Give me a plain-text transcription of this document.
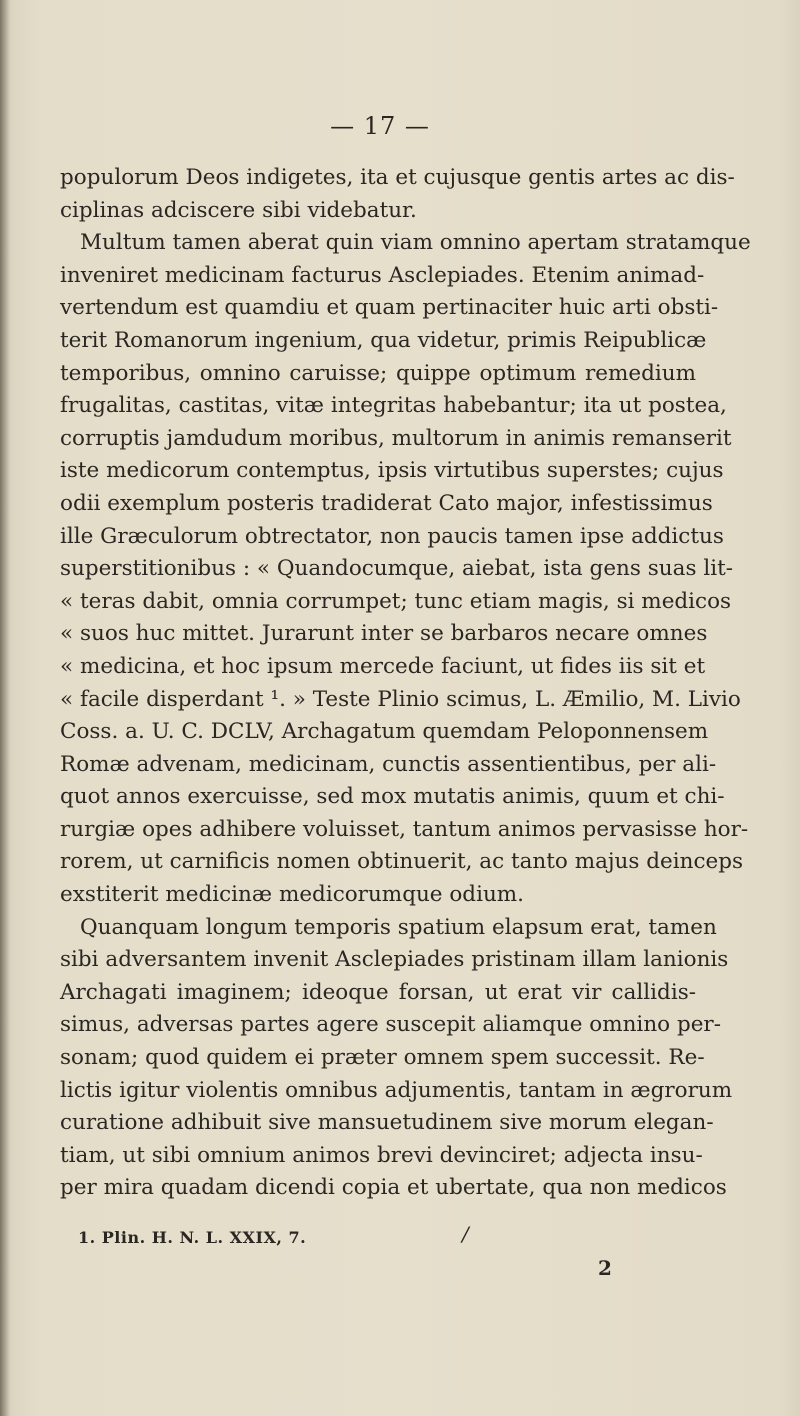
— 17 —
populorum Deos indigetes, ita et cujusque gentis artes ac dis-
ciplinas adciscere sibi videbatur.
Multum tamen aberat quin viam omnino apertam stratamque
inveniret medicinam facturus Asclepiades. Etenim animad-
vertendum est quamdiu et quam pertinaciter huic arti obsti-
terit Romanorum ingenium, qua videtur, primis Reipublicæ
temporibus, omnino caruisse; quippe optimum remedium
frugalitas, castitas, vitæ integritas habebantur; ita ut postea,
corruptis jamdudum moribus, multorum in animis remanserit
iste medicorum contemptus, ipsis virtutibus superstes; cujus
odii exemplum posteris tradiderat Cato major, infestissimus
ille Græculorum obtrectator, non paucis tamen ipse addictus
superstitionibus : « Quandocumque, aiebat, ista gens suas lit-
« teras dabit, omnia corrumpet; tunc etiam magis, si medicos
« suos huc mittet. Jurarunt inter se barbaros necare omnes
« medicina, et hoc ipsum mercede faciunt, ut fides iis sit et
« facile disperdant ¹. » Teste Plinio scimus, L. Æmilio, M. Livio
Coss. a. U. C. DCLV, Archagatum quemdam Peloponnensem
Romæ advenam, medicinam, cunctis assentientibus, per ali-
quot annos exercuisse, sed mox mutatis animis, quum et chi-
rurgiæ opes adhibere voluisset, tantum animos pervasisse hor-
rorem, ut carnificis nomen obtinuerit, ac tanto majus deinceps
exstiterit medicinæ medicorumque odium.
Quanquam longum temporis spatium elapsum erat, tamen
sibi adversantem invenit Asclepiades pristinam illam lanionis
Archagati imaginem; ideoque forsan, ut erat vir callidis-
simus, adversas partes agere suscepit aliamque omnino per-
sonam; quod quidem ei præter omnem spem successit. Re-
lictis igitur violentis omnibus adjumentis, tantam in ægrorum
curatione adhibuit sive mansuetudinem sive morum elegan-
tiam, ut sibi omnium animos brevi devinciret; adjecta insu-
per mira quadam dicendi copia et ubertate, qua non medicos
1. Plin. H. N. L. XXIX, 7.	/
2
